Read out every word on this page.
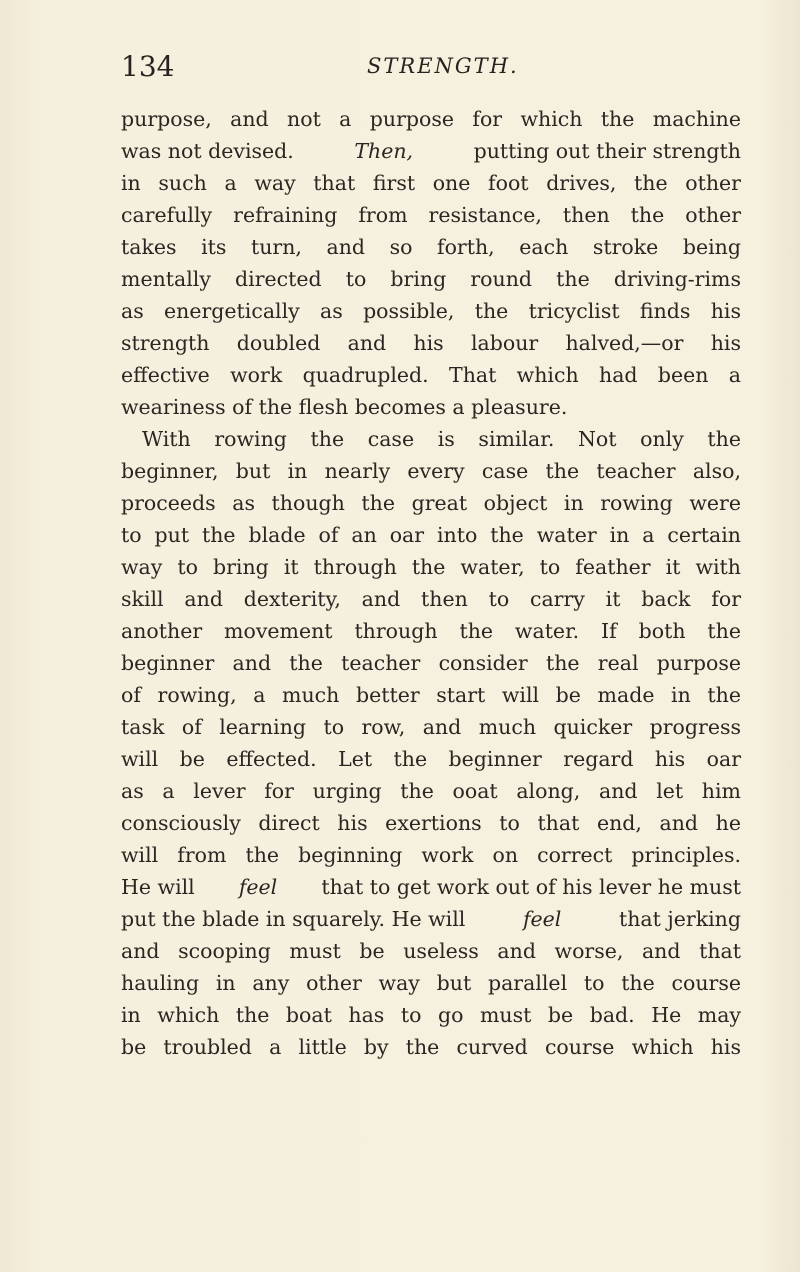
134	STRENGTH.
purpose, and not a purpose for which the machine
was not devised.	Then,	putting out their strength
in such a way that first one foot drives, the other
carefully refraining from resistance, then the other
takes its turn, and so forth, each stroke being
mentally directed to bring round the driving-rims
as energetically as possible, the tricyclist finds his
strength doubled and his labour halved,—or his
effective work quadrupled. That which had been a
weariness of the flesh becomes a pleasure.
With rowing the case is similar. Not only the
beginner, but in nearly every case the teacher also,
proceeds as though the great object in rowing were
to put the blade of an oar into the water in a certain
way to bring it through the water, to feather it with
skill and dexterity, and then to carry it back for
another movement through the water. If both the
beginner and the teacher consider the real purpose
of rowing, a much better start will be made in the
task of learning to row, and much quicker progress
will be effected. Let the beginner regard his oar
as a lever for urging the ooat along, and let him
consciously direct his exertions to that end, and he
will from the beginning work on correct principles.
He will feel that to get work out of his lever he must
put the blade in squarely. He will	feel	that jerking
and scooping must be useless and worse, and that
hauling in any other way but parallel to the course
in which the boat has to go must be bad. He may
be troubled a little by the curved course which his
